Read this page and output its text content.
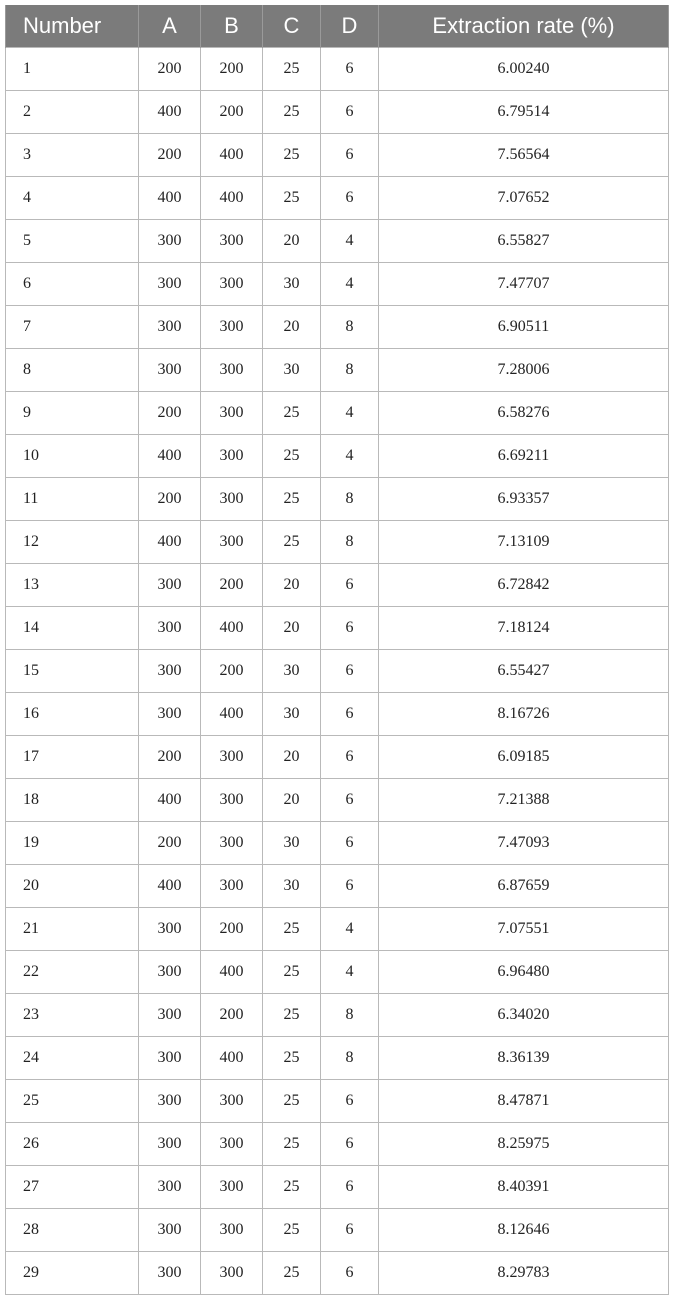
Number	A	B	C	D	Extraction rate (%)
1	200	200	25	6	6.00240
2	400	200	25	6	6.79514
3	200	400	25	6	7.56564
4	400	400	25	6	7.07652
5	300	300	20	4	6.55827
6	300	300	30	4	7.47707
7	300	300	20	8	6.90511
8	300	300	30	8	7.28006
9	200	300	25	4	6.58276
10	400	300	25	4	6.69211
11	200	300	25	8	6.93357
12	400	300	25	8	7.13109
13	300	200	20	6	6.72842
14	300	400	20	6	7.18124
15	300	200	30	6	6.55427
16	300	400	30	6	8.16726
17	200	300	20	6	6.09185
18	400	300	20	6	7.21388
19	200	300	30	6	7.47093
20	400	300	30	6	6.87659
21	300	200	25	4	7.07551
22	300	400	25	4	6.96480
23	300	200	25	8	6.34020
24	300	400	25	8	8.36139
25	300	300	25	6	8.47871
26	300	300	25	6	8.25975
27	300	300	25	6	8.40391
28	300	300	25	6	8.12646
29	300	300	25	6	8.29783
